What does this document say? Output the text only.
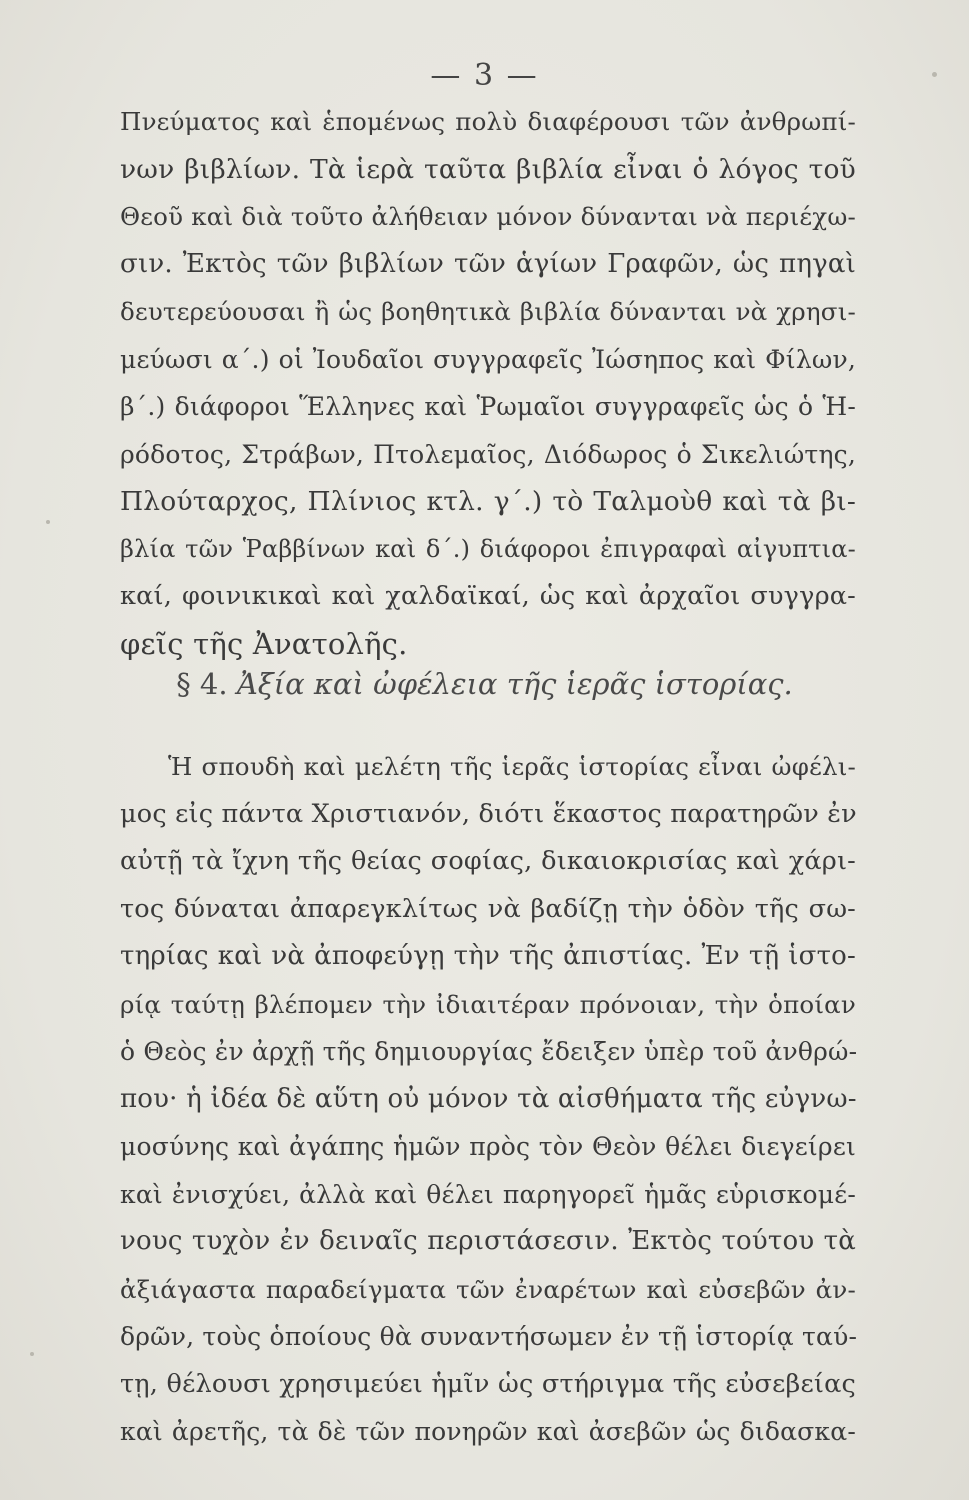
— 3 —
Πνεύματος καὶ ἑπομένως πολὺ διαφέρουσι τῶν ἀνθρωπί-
νων βιβλίων. Τὰ ἱερὰ ταῦτα βιβλία εἶναι ὁ λόγος τοῦ
Θεοῦ καὶ διὰ τοῦτο ἀλήθειαν μόνον δύνανται νὰ περιέχω-
σιν. Ἐκτὸς τῶν βιβλίων τῶν ἁγίων Γραφῶν, ὡς πηγαὶ
δευτερεύουσαι ἢ ὡς βοηθητικὰ βιβλία δύνανται νὰ χρησι-
μεύωσι α΄.) οἱ Ἰουδαῖοι συγγραφεῖς Ἰώσηπος καὶ Φίλων,
β΄.) διάφοροι Ἕλληνες καὶ Ῥωμαῖοι συγγραφεῖς ὡς ὁ Ἡ-
ρόδοτος, Στράβων, Πτολεμαῖος, Διόδωρος ὁ Σικελιώτης,
Πλούταρχος, Πλίνιος κτλ. γ΄.) τὸ Ταλμοὺθ καὶ τὰ βι-
βλία τῶν Ῥαββίνων καὶ δ΄.) διάφοροι ἐπιγραφαὶ αἰγυπτια-
καί, φοινικικαὶ καὶ χαλδαϊκαί, ὡς καὶ ἀρχαῖοι συγγρα-
φεῖς τῆς Ἀνατολῆς.
§ 4. Ἀξία καὶ ὠφέλεια τῆς ἱερᾶς ἱστορίας.
Ἡ σπουδὴ καὶ μελέτη τῆς ἱερᾶς ἱστορίας εἶναι ὠφέλι-
μος εἰς πάντα Χριστιανόν, διότι ἕκαστος παρατηρῶν ἐν
αὐτῇ τὰ ἴχνη τῆς θείας σοφίας, δικαιοκρισίας καὶ χάρι-
τος δύναται ἀπαρεγκλίτως νὰ βαδίζῃ τὴν ὁδὸν τῆς σω-
τηρίας καὶ νὰ ἀποφεύγῃ τὴν τῆς ἀπιστίας. Ἐν τῇ ἱστο-
ρίᾳ ταύτῃ βλέπομεν τὴν ἰδιαιτέραν πρόνοιαν, τὴν ὁποίαν
ὁ Θεὸς ἐν ἀρχῇ τῆς δημιουργίας ἔδειξεν ὑπὲρ τοῦ ἀνθρώ-
που· ἡ ἰδέα δὲ αὕτη οὐ μόνον τὰ αἰσθήματα τῆς εὐγνω-
μοσύνης καὶ ἀγάπης ἡμῶν πρὸς τὸν Θεὸν θέλει διεγείρει
καὶ ἐνισχύει, ἀλλὰ καὶ θέλει παρηγορεῖ ἡμᾶς εὑρισκομέ-
νους τυχὸν ἐν δειναῖς περιστάσεσιν. Ἐκτὸς τούτου τὰ
ἀξιάγαστα παραδείγματα τῶν ἐναρέτων καὶ εὐσεβῶν ἀν-
δρῶν, τοὺς ὁποίους θὰ συναντήσωμεν ἐν τῇ ἱστορίᾳ ταύ-
τῃ, θέλουσι χρησιμεύει ἡμῖν ὡς στήριγμα τῆς εὐσεβείας
καὶ ἀρετῆς, τὰ δὲ τῶν πονηρῶν καὶ ἀσεβῶν ὡς διδασκα-
